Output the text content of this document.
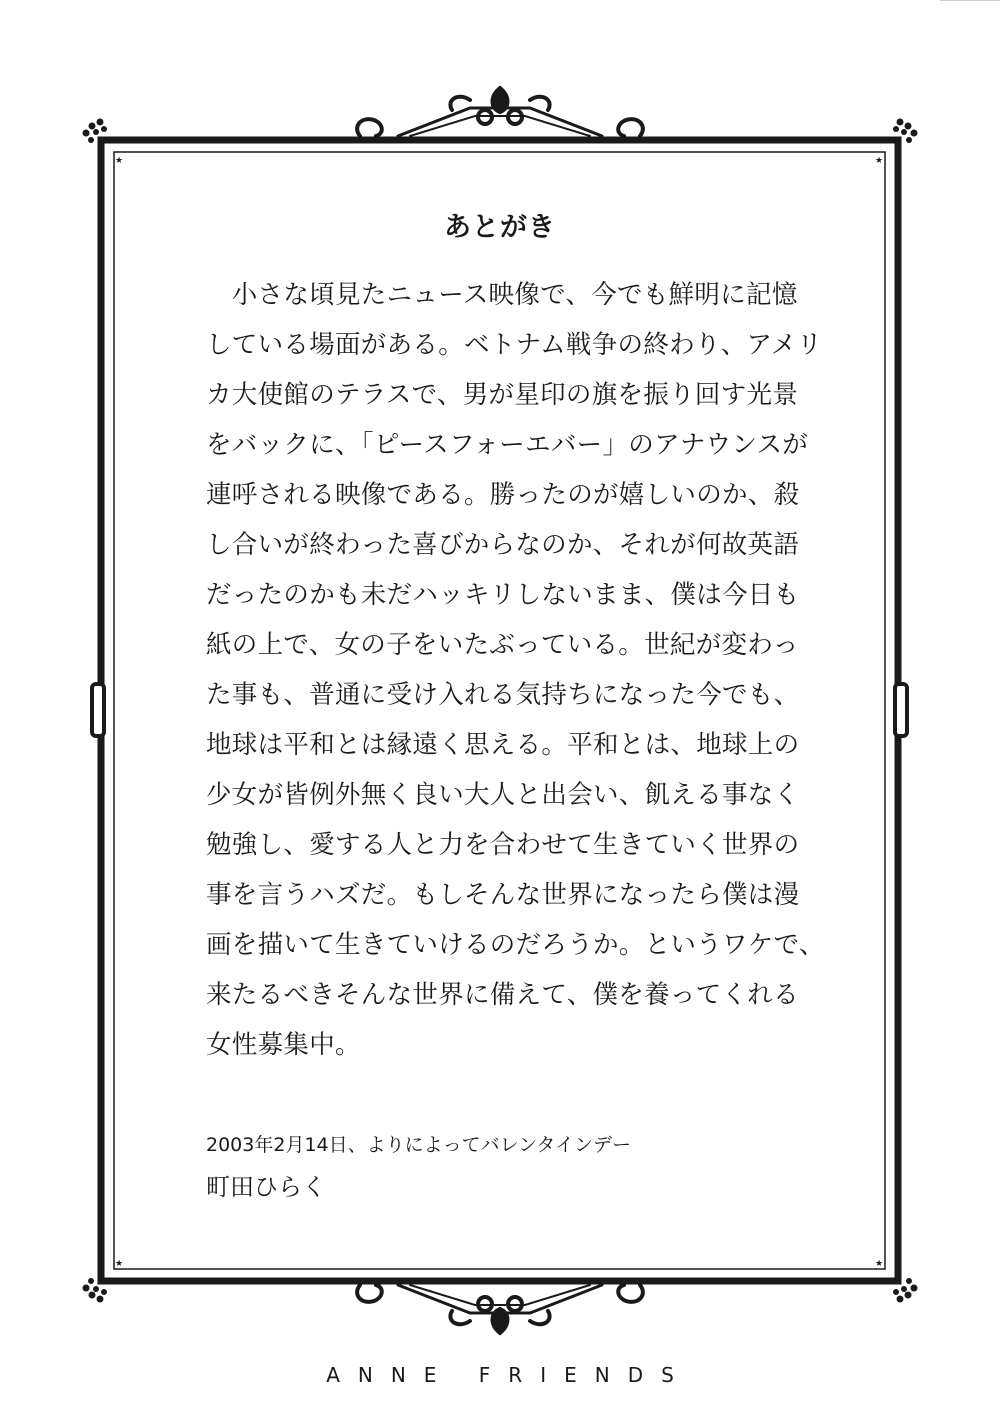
★	★
★	★
あとがき
　小さな頃見たニュース映像で、今でも鮮明に記憶
している場面がある。ベトナム戦争の終わり、アメリ
カ大使館のテラスで、男が星印の旗を振り回す光景
をバックに、「ピースフォーエバー」のアナウンスが
連呼される映像である。勝ったのが嬉しいのか、殺
し合いが終わった喜びからなのか、それが何故英語
だったのかも未だハッキリしないまま、僕は今日も
紙の上で、女の子をいたぶっている。世紀が変わっ
た事も、普通に受け入れる気持ちになった今でも、
地球は平和とは縁遠く思える。平和とは、地球上の
少女が皆例外無く良い大人と出会い、飢える事なく
勉強し、愛する人と力を合わせて生きていく世界の
事を言うハズだ。もしそんな世界になったら僕は漫
画を描いて生きていけるのだろうか。というワケで、
来たるべきそんな世界に備えて、僕を養ってくれる
女性募集中。
2003年2月14日、よりによってバレンタインデー
町田ひらく
ANNE FRIENDS
